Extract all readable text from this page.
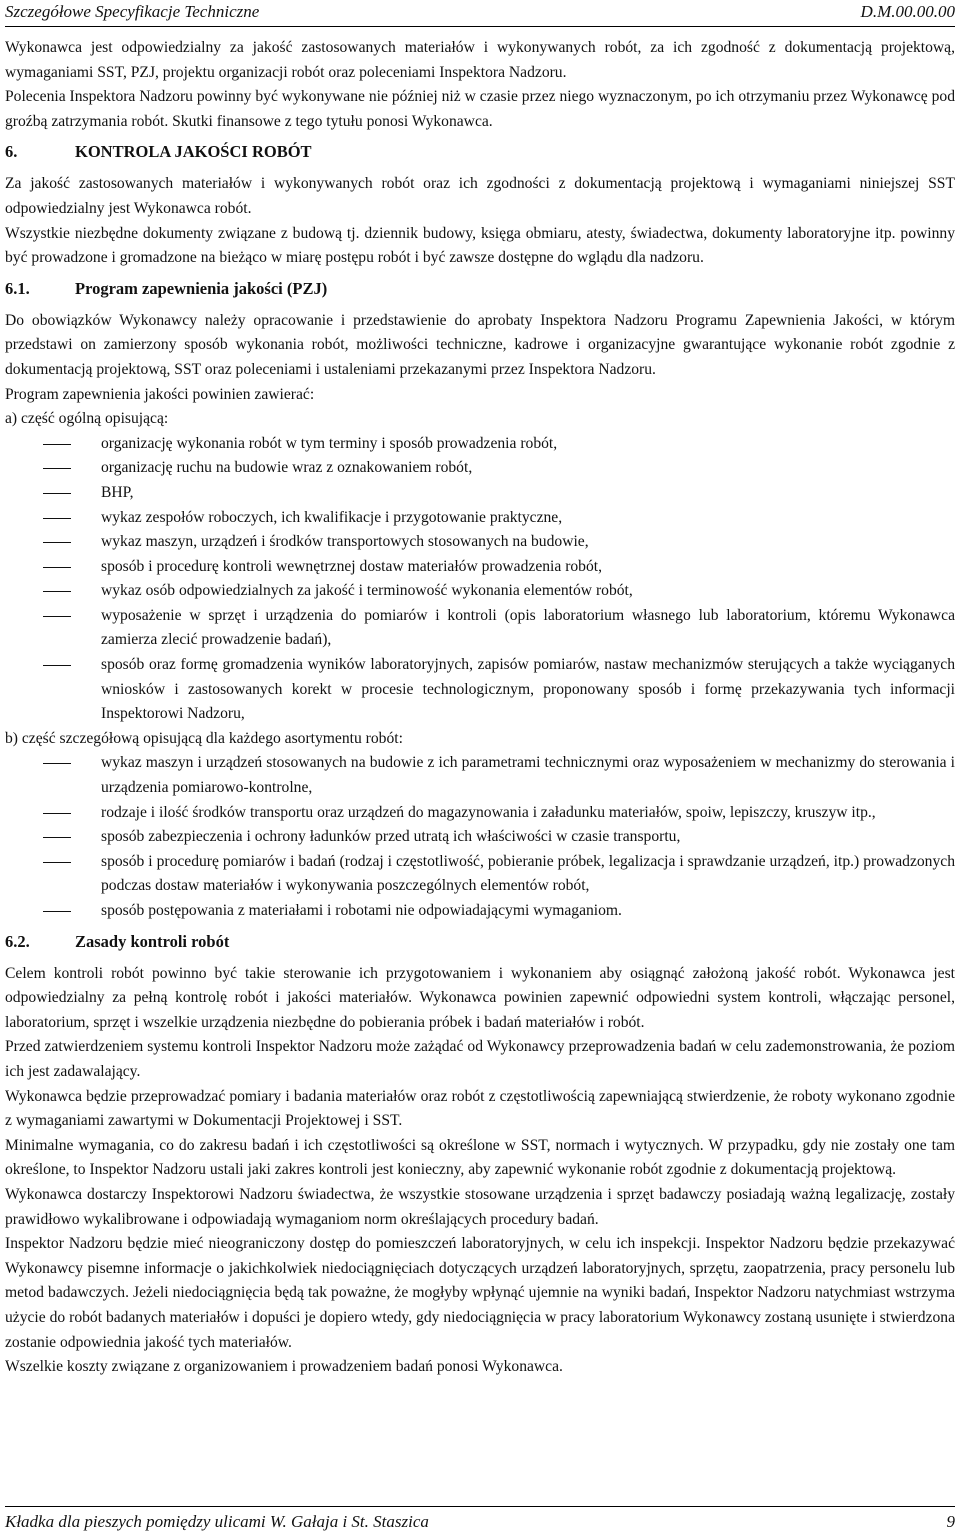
Szczegółowe Specyfikacje Techniczne	D.M.00.00.00

Wykonawca jest odpowiedzialny za jakość zastosowanych materiałów i wykonywanych robót, za ich zgodność z dokumentacją projektową, wymaganiami SST, PZJ, projektu organizacji robót oraz poleceniami Inspektora Nadzoru.

Polecenia Inspektora Nadzoru powinny być wykonywane nie później niż w czasie przez niego wyznaczonym, po ich otrzymaniu przez Wykonawcę pod groźbą zatrzymania robót. Skutki finansowe z tego tytułu ponosi Wykonawca.

6.	KONTROLA JAKOŚCI ROBÓT

Za jakość zastosowanych materiałów i wykonywanych robót oraz ich zgodności z dokumentacją projektową i wymaganiami niniejszej SST odpowiedzialny jest Wykonawca robót.

Wszystkie niezbędne dokumenty związane z budową tj. dziennik budowy, księga obmiaru, atesty, świadectwa, dokumenty laboratoryjne itp. powinny być prowadzone i gromadzone na bieżąco w miarę postępu robót i być zawsze dostępne do wglądu dla nadzoru.

6.1.	Program zapewnienia jakości (PZJ)

Do obowiązków Wykonawcy należy opracowanie i przedstawienie do aprobaty Inspektora Nadzoru Programu Zapewnienia Jakości, w którym przedstawi on zamierzony sposób wykonania robót, możliwości techniczne, kadrowe i organizacyjne gwarantujące wykonanie robót zgodnie z dokumentacją projektową, SST oraz poleceniami i ustaleniami przekazanymi przez Inspektora Nadzoru.

Program zapewnienia jakości powinien zawierać:

a) część ogólną opisującą:

organizację wykonania robót w tym terminy i sposób prowadzenia robót,
organizację ruchu na budowie wraz z oznakowaniem robót,
BHP,
wykaz zespołów roboczych, ich kwalifikacje i przygotowanie praktyczne,
wykaz maszyn, urządzeń i środków transportowych stosowanych na budowie,
sposób i procedurę kontroli wewnętrznej dostaw materiałów prowadzenia robót,
wykaz osób odpowiedzialnych za jakość i terminowość wykonania elementów robót,
wyposażenie w sprzęt i urządzenia do pomiarów i kontroli (opis laboratorium własnego lub laboratorium, któremu Wykonawca zamierza zlecić prowadzenie badań),
sposób oraz formę gromadzenia wyników laboratoryjnych, zapisów pomiarów, nastaw mechanizmów sterujących a także wyciąganych wniosków i zastosowanych korekt w procesie technologicznym, proponowany sposób i formę przekazywania tych informacji Inspektorowi Nadzoru,

b) część szczegółową opisującą dla każdego asortymentu robót:

wykaz maszyn i urządzeń stosowanych na budowie z ich parametrami technicznymi oraz wyposażeniem w mechanizmy do sterowania i urządzenia pomiarowo-kontrolne,
rodzaje i ilość środków transportu oraz urządzeń do magazynowania i załadunku materiałów, spoiw, lepiszczy, kruszyw itp.,
sposób zabezpieczenia i ochrony ładunków przed utratą ich właściwości w czasie transportu,
sposób i procedurę pomiarów i badań (rodzaj i częstotliwość, pobieranie próbek, legalizacja i sprawdzanie urządzeń, itp.) prowadzonych podczas dostaw materiałów i wykonywania poszczególnych elementów robót,
sposób postępowania z materiałami i robotami nie odpowiadającymi wymaganiom.
6.2.	Zasady kontroli robót

Celem kontroli robót powinno być takie sterowanie ich przygotowaniem i wykonaniem aby osiągnąć założoną jakość robót. Wykonawca jest odpowiedzialny za pełną kontrolę robót i jakości materiałów. Wykonawca powinien zapewnić odpowiedni system kontroli, włączając personel, laboratorium, sprzęt i wszelkie urządzenia niezbędne do pobierania próbek i badań materiałów i robót.

Przed zatwierdzeniem systemu kontroli Inspektor Nadzoru może zażądać od Wykonawcy przeprowadzenia badań w celu zademonstrowania, że poziom ich jest zadawalający.

Wykonawca będzie przeprowadzać pomiary i badania materiałów oraz robót z częstotliwością zapewniającą stwierdzenie, że roboty wykonano zgodnie z wymaganiami zawartymi w Dokumentacji Projektowej i SST.

Minimalne wymagania, co do zakresu badań i ich częstotliwości są określone w SST, normach i wytycznych. W przypadku, gdy nie zostały one tam określone, to Inspektor Nadzoru ustali jaki zakres kontroli jest konieczny, aby zapewnić wykonanie robót zgodnie z dokumentacją projektową.

Wykonawca dostarczy Inspektorowi Nadzoru świadectwa, że wszystkie stosowane urządzenia i sprzęt badawczy posiadają ważną legalizację, zostały prawidłowo wykalibrowane i odpowiadają wymaganiom norm określających procedury badań.

Inspektor Nadzoru będzie mieć nieograniczony dostęp do pomieszczeń laboratoryjnych, w celu ich inspekcji. Inspektor Nadzoru będzie przekazywać Wykonawcy pisemne informacje o jakichkolwiek niedociągnięciach dotyczących urządzeń laboratoryjnych, sprzętu, zaopatrzenia, pracy personelu lub metod badawczych. Jeżeli niedociągnięcia będą tak poważne, że mogłyby wpłynąć ujemnie na wyniki badań, Inspektor Nadzoru natychmiast wstrzyma użycie do robót badanych materiałów i dopuści je dopiero wtedy, gdy niedociągnięcia w pracy laboratorium Wykonawcy zostaną usunięte i stwierdzona zostanie odpowiednia jakość tych materiałów.

Wszelkie koszty związane z organizowaniem i prowadzeniem badań ponosi Wykonawca.

Kładka dla pieszych pomiędzy ulicami W. Gałaja i St. Staszica	9
